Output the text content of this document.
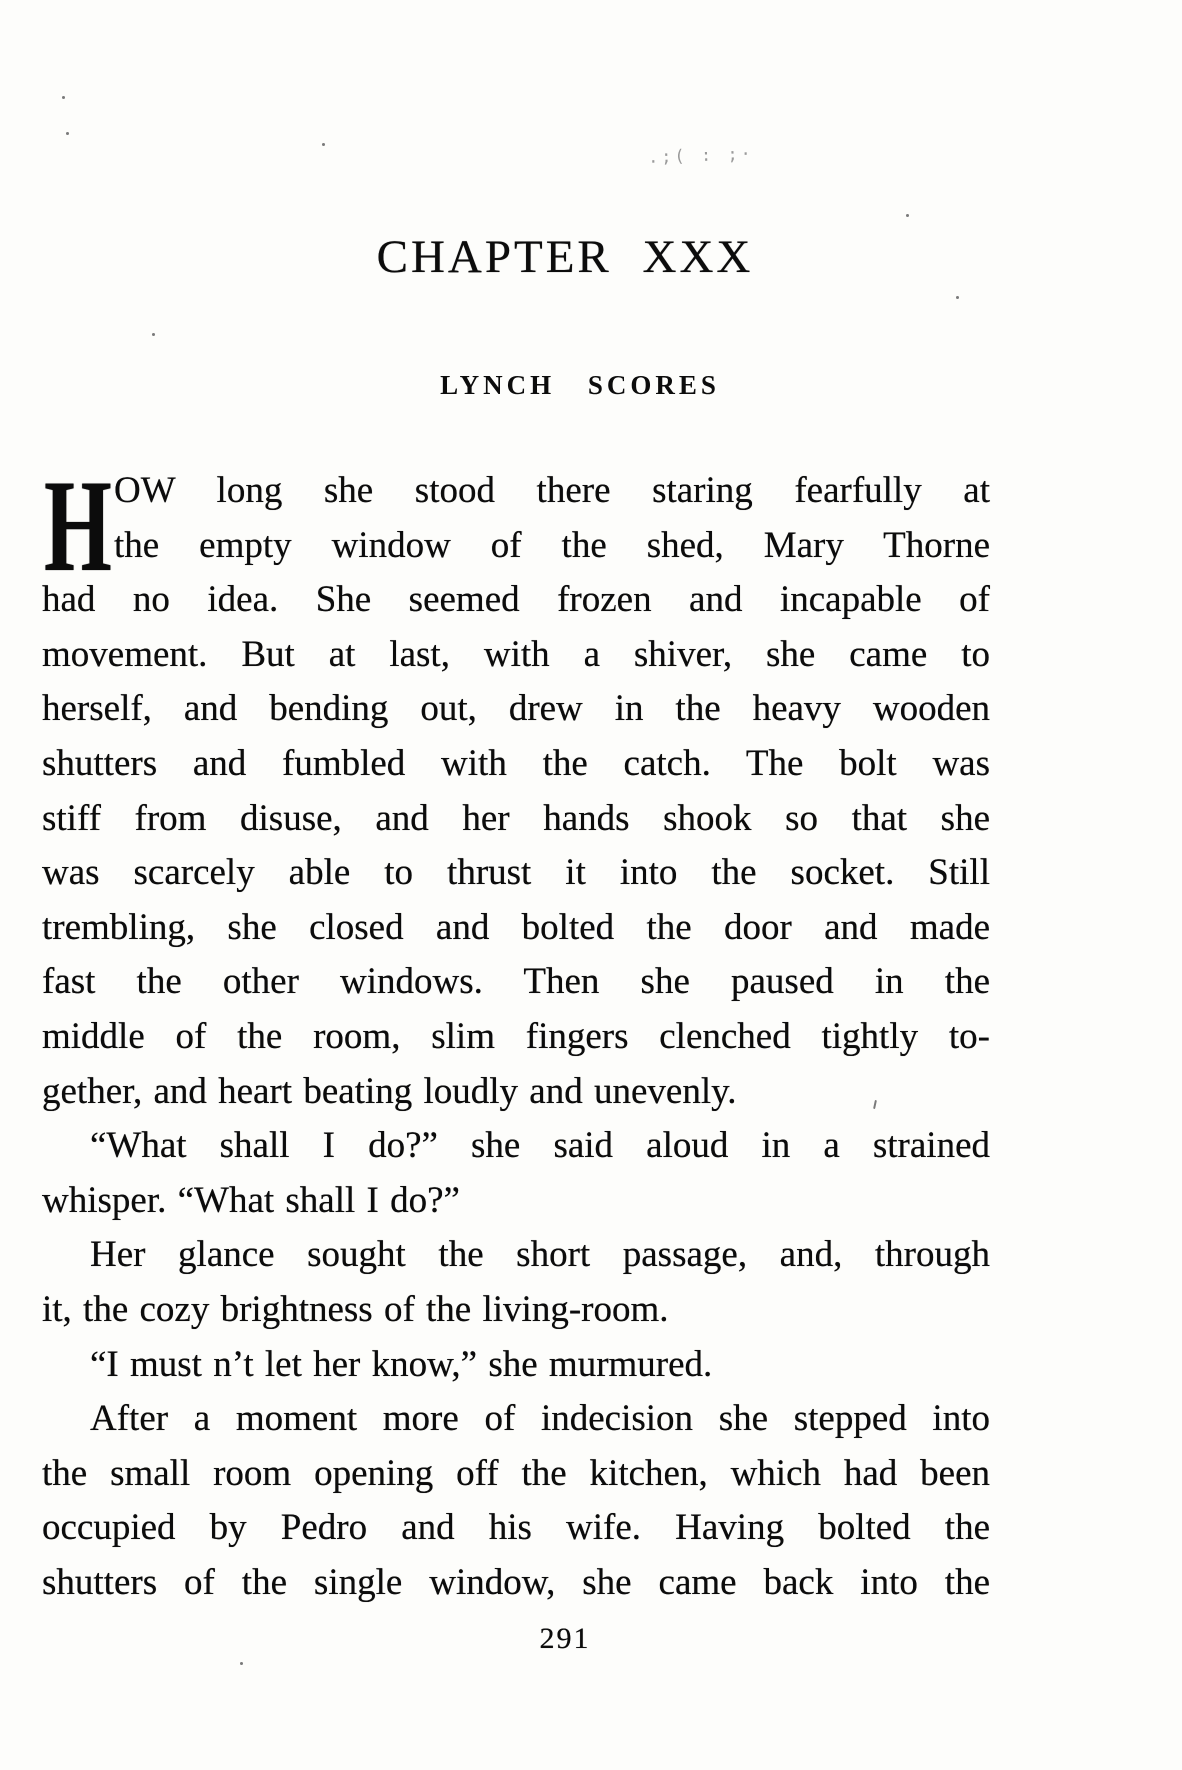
.;( : ;·
CHAPTER XXX
LYNCH SCORES
H OW long she stood there staring fearfully at
the empty window of the shed, Mary Thorne
had no idea. She seemed frozen and incapable of
movement. But at last, with a shiver, she came to
herself, and bending out, drew in the heavy wooden
shutters and fumbled with the catch. The bolt was
stiff from disuse, and her hands shook so that she
was scarcely able to thrust it into the socket. Still
trembling, she closed and bolted the door and made
fast the other windows. Then she paused in the
middle of the room, slim fingers clenched tightly to-
gether, and heart beating loudly and unevenly.
“What shall I do?” she said aloud in a strained
whisper. “What shall I do?”
Her glance sought the short passage, and, through
it, the cozy brightness of the living-room.
“I must n’t let her know,” she murmured.
After a moment more of indecision she stepped into
the small room opening off the kitchen, which had been
occupied by Pedro and his wife. Having bolted the
shutters of the single window, she came back into the
291
